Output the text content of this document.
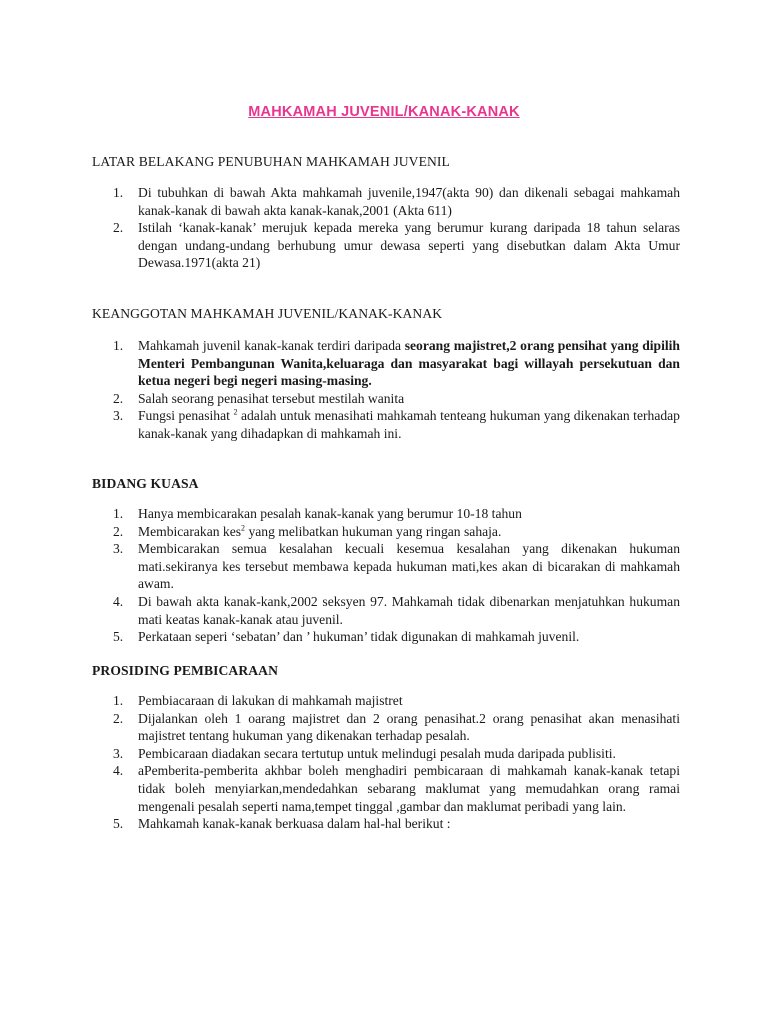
MAHKAMAH JUVENIL/KANAK-KANAK
LATAR BELAKANG PENUBUHAN MAHKAMAH JUVENIL
1. Di tubuhkan di bawah Akta mahkamah juvenile,1947(akta 90) dan dikenali sebagai mahkamah kanak-kanak di bawah akta kanak-kanak,2001 (Akta 611)
2. Istilah ‘kanak-kanak’ merujuk kepada mereka yang berumur kurang daripada 18 tahun selaras dengan undang-undang berhubung umur dewasa seperti yang disebutkan dalam Akta Umur Dewasa.1971(akta 21)
KEANGGOTAN MAHKAMAH JUVENIL/KANAK-KANAK
1. Mahkamah juvenil kanak-kanak terdiri daripada seorang majistret,2 orang pensihat yang dipilih Menteri Pembangunan Wanita,keluaraga dan masyarakat bagi willayah persekutuan dan ketua negeri begi negeri masing-masing.
2. Salah seorang penasihat tersebut mestilah wanita
3. Fungsi penasihat $^2$ adalah untuk menasihati mahkamah tenteang hukuman yang dikenakan terhadap kanak-kanak yang dihadapkan di mahkamah ini.
BIDANG KUASA
1. Hanya membicarakan pesalah kanak-kanak yang berumur 10-18 tahun
2. Membicarakan kes$^2$ yang melibatkan hukuman yang ringan sahaja.
3. Membicarakan semua kesalahan kecuali kesemua kesalahan yang dikenakan hukuman mati.sekiranya kes tersebut membawa kepada hukuman mati,kes akan di bicarakan di mahkamah awam.
4. Di bawah akta kanak-kank,2002 seksyen 97. Mahkamah tidak dibenarkan menjatuhkan hukuman mati keatas kanak-kanak atau juvenil.
5. Perkataan seperi ‘sebatan’ dan ’ hukuman’ tidak digunakan di mahkamah juvenil.
PROSIDING PEMBICARAAN
1. Pembiacaraan di lakukan di mahkamah majistret
2. Dijalankan oleh 1 oarang majistret dan 2 orang penasihat.2 orang penasihat akan menasihati majistret tentang hukuman yang dikenakan terhadap pesalah.
3. Pembicaraan diadakan secara tertutup untuk melindugi pesalah muda daripada publisiti.
4. aPemberita-pemberita akhbar boleh menghadiri pembicaraan di mahkamah kanak-kanak tetapi tidak boleh menyiarkan,mendedahkan sebarang maklumat yang memudahkan orang ramai mengenali pesalah seperti nama,tempet tinggal ,gambar dan maklumat peribadi yang lain.
5. Mahkamah kanak-kanak berkuasa dalam hal-hal berikut :
